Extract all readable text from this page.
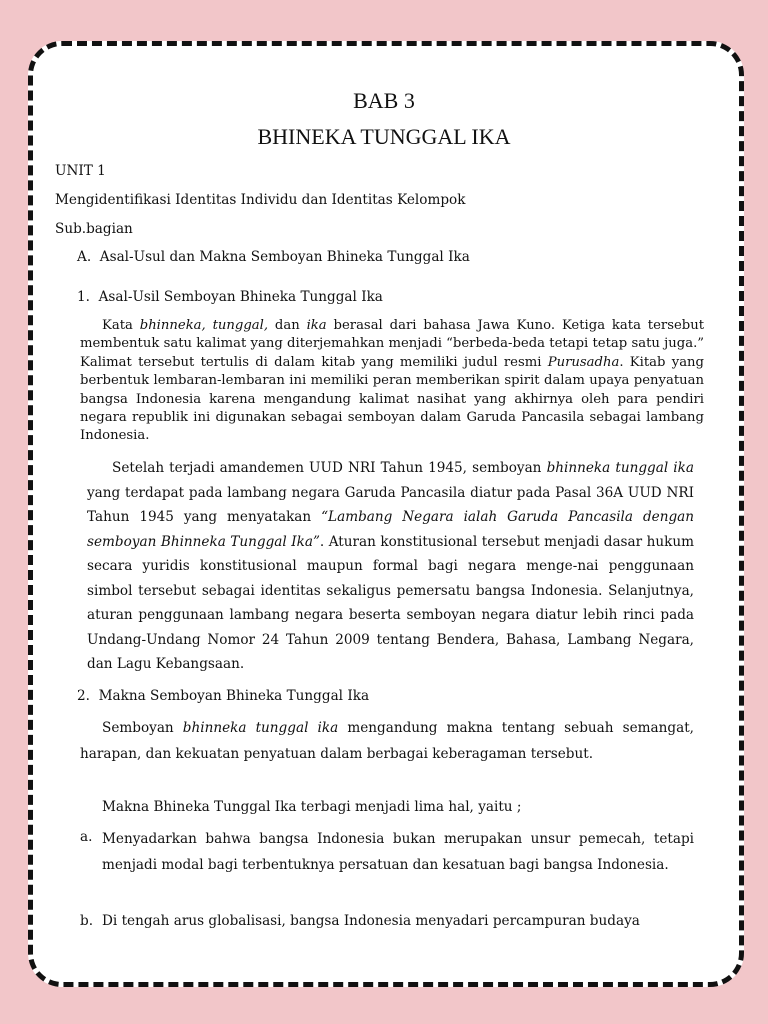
BAB 3
BHINEKA TUNGGAL IKA
UNIT 1
Mengidentifikasi Identitas Individu dan Identitas Kelompok
Sub.bagian
A.  Asal-Usul dan Makna Semboyan Bhineka Tunggal Ika
1.  Asal-Usil Semboyan Bhineka Tunggal Ika
Kata bhinneka, tunggal, dan ika berasal dari bahasa Jawa Kuno. Ketiga kata tersebut membentuk satu kalimat yang diterjemahkan menjadi “berbeda-beda tetapi tetap satu juga.” Kalimat tersebut tertulis di dalam kitab yang memiliki judul resmi Purusadha. Kitab yang berbentuk lembaran-lembaran ini memiliki peran memberikan spirit dalam upaya penyatuan bangsa Indonesia karena mengandung kalimat nasihat yang akhirnya oleh para pendiri negara republik ini digunakan sebagai semboyan dalam Garuda Pancasila sebagai lambang Indonesia.
Setelah terjadi amandemen UUD NRI Tahun 1945, semboyan bhinneka tunggal ika yang terdapat pada lambang negara Garuda Pancasila diatur pada Pasal 36A UUD NRI Tahun 1945 yang menyatakan “Lambang Negara ialah Garuda Pancasila dengan semboyan Bhinneka Tunggal Ika”. Aturan konstitusional tersebut menjadi dasar hukum secara yuridis konstitusional maupun formal bagi negara menge-nai penggunaan simbol tersebut sebagai identitas sekaligus pemersatu bangsa Indonesia. Selanjutnya, aturan penggunaan lambang negara beserta semboyan negara diatur lebih rinci pada Undang-Undang Nomor 24 Tahun 2009 tentang Bendera, Bahasa, Lambang Negara, dan Lagu Kebangsaan.
2.  Makna Semboyan Bhineka Tunggal Ika
Semboyan bhinneka tunggal ika mengandung makna tentang sebuah semangat, harapan, dan kekuatan penyatuan dalam berbagai keberagaman tersebut.
Makna Bhineka Tunggal Ika terbagi menjadi lima hal, yaitu ;
a. Menyadarkan bahwa bangsa Indonesia bukan merupakan unsur pemecah, tetapi menjadi modal bagi terbentuknya persatuan dan kesatuan bagi bangsa Indonesia.
b. Di tengah arus globalisasi, bangsa Indonesia menyadari percampuran budaya
